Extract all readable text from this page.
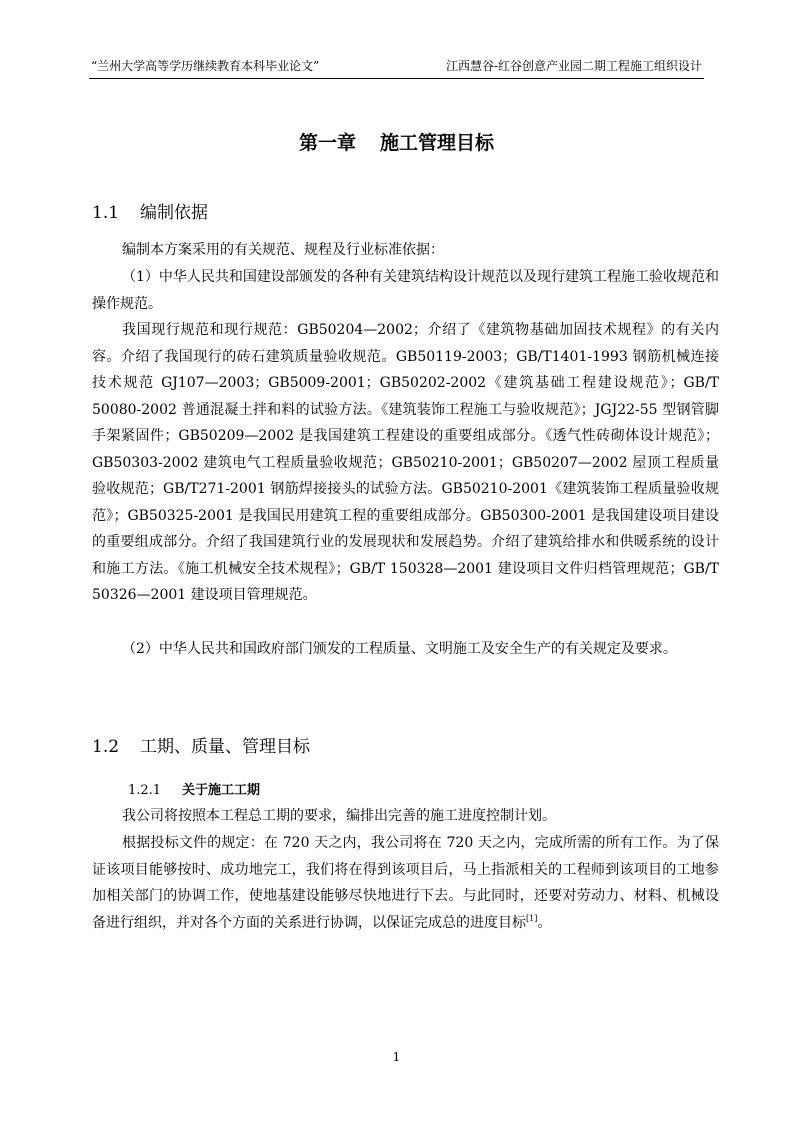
“兰州大学高等学历继续教育本科毕业论文”	江西慧谷-红谷创意产业园二期工程施工组织设计
第一章 施工管理目标
1.1 编制依据

编制本方案采用的有关规范、规程及行业标准依据：

（1）中华人民共和国建设部颁发的各种有关建筑结构设计规范以及现行建筑工程施工验收规范和操作规范。

我国现行规范和现行规范：GB50204—2002；介绍了《建筑物基础加固技术规程》的有关内容。介绍了我国现行的砖石建筑质量验收规范。GB50119-2003；GB/T1401-1993 钢筋机械连接技术规范 GJ107—2003；GB5009-2001；GB50202-2002《建筑基础工程建设规范》；GB/T 50080-2002 普通混凝土拌和料的试验方法。《建筑装饰工程施工与验收规范》；JGJ22-55 型钢管脚手架紧固件；GB50209—2002 是我国建筑工程建设的重要组成部分。《透气性砖砌体设计规范》；GB50303-2002 建筑电气工程质量验收规范；GB50210-2001；GB50207—2002 屋顶工程质量验收规范；GB/T271-2001 钢筋焊接接头的试验方法。GB50210-2001《建筑装饰工程质量验收规范》；GB50325-2001 是我国民用建筑工程的重要组成部分。GB50300-2001 是我国建设项目建设的重要组成部分。介绍了我国建筑行业的发展现状和发展趋势。介绍了建筑给排水和供暖系统的设计和施工方法。《施工机械安全技术规程》；GB/T 150328—2001 建设项目文件归档管理规范；GB/T 50326—2001 建设项目管理规范。

（2）中华人民共和国政府部门颁发的工程质量、文明施工及安全生产的有关规定及要求。

1.2 工期、质量、管理目标
1.2.1 关于施工工期

我公司将按照本工程总工期的要求，编排出完善的施工进度控制计划。

根据投标文件的规定：在 720 天之内，我公司将在 720 天之内，完成所需的所有工作。为了保证该项目能够按时、成功地完工，我们将在得到该项目后，马上指派相关的工程师到该项目的工地参加相关部门的协调工作，使地基建设能够尽快地进行下去。与此同时，还要对劳动力、材料、机械设备进行组织，并对各个方面的关系进行协调，以保证完成总的进度目标[1]。

1
